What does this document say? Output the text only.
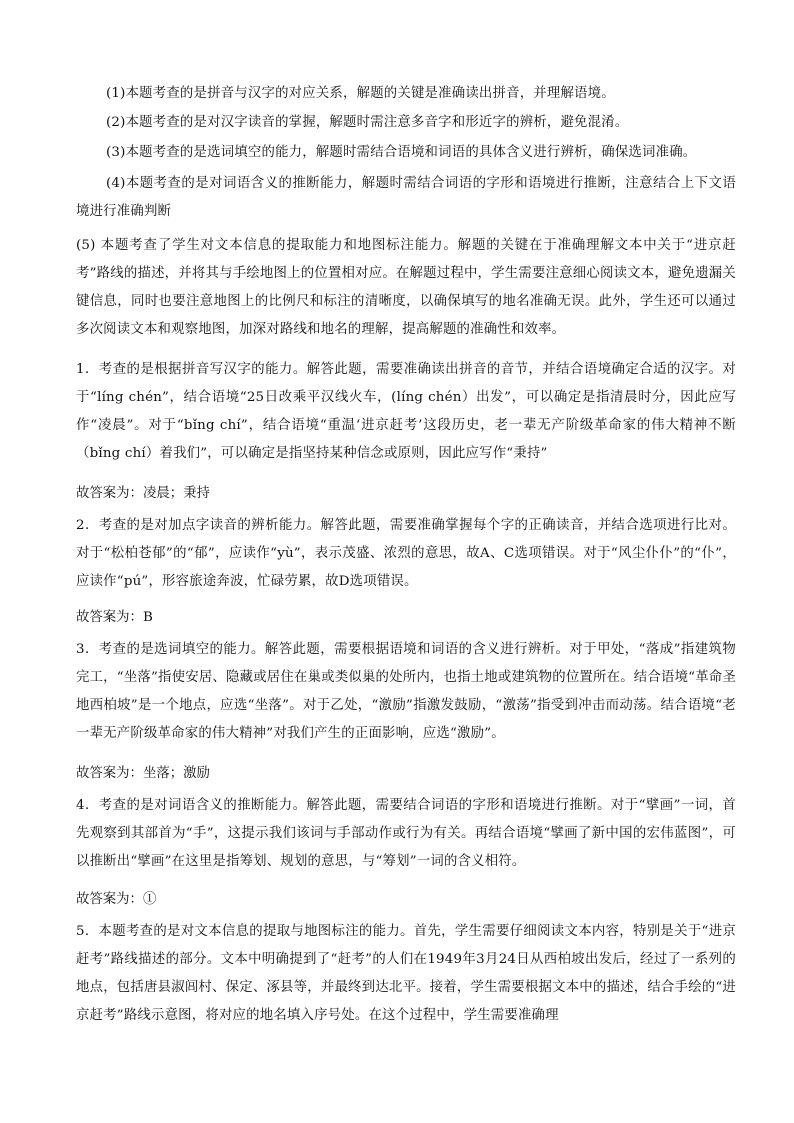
(1)本题考查的是拼音与汉字的对应关系，解题的关键是准确读出拼音，并理解语境。

(2)本题考查的是对汉字读音的掌握，解题时需注意多音字和形近字的辨析，避免混淆。

(3)本题考查的是选词填空的能力，解题时需结合语境和词语的具体含义进行辨析，确保选词准确。

(4)本题考查的是对词语含义的推断能力，解题时需结合词语的字形和语境进行推断，注意结合上下文语境进行准确判断

(5) 本题考查了学生对文本信息的提取能力和地图标注能力。解题的关键在于准确理解文本中关于“进京赶考”路线的描述，并将其与手绘地图上的位置相对应。在解题过程中，学生需要注意细心阅读文本，避免遗漏关键信息，同时也要注意地图上的比例尺和标注的清晰度，以确保填写的地名准确无误。此外，学生还可以通过多次阅读文本和观察地图，加深对路线和地名的理解，提高解题的准确性和效率。

1．考查的是根据拼音写汉字的能力。解答此题，需要准确读出拼音的音节，并结合语境确定合适的汉字。对于“líng chén”，结合语境“25日改乘平汉线火车，(líng chén）出发”，可以确定是指清晨时分，因此应写作“凌晨”。对于“bǐng chí”，结合语境“重温‘进京赶考’这段历史，老一辈无产阶级革命家的伟大精神不断（bǐng chí）着我们”，可以确定是指坚持某种信念或原则，因此应写作“秉持”

故答案为：凌晨；秉持

2．考查的是对加点字读音的辨析能力。解答此题，需要准确掌握每个字的正确读音，并结合选项进行比对。对于“松柏苍郁”的“郁”，应读作“yù”，表示茂盛、浓烈的意思，故A、C选项错误。对于“风尘仆仆”的“仆”，应读作“pú”，形容旅途奔波，忙碌劳累，故D选项错误。

故答案为：B

3．考查的是选词填空的能力。解答此题，需要根据语境和词语的含义进行辨析。对于甲处，“落成”指建筑物完工，“坐落”指使安居、隐藏或居住在巢或类似巢的处所内，也指土地或建筑物的位置所在。结合语境“革命圣地西柏坡”是一个地点，应选“坐落”。对于乙处，“激励”指激发鼓励，“激荡”指受到冲击而动荡。结合语境“老一辈无产阶级革命家的伟大精神”对我们产生的正面影响，应选“激励”。

故答案为：坐落；激励

4．考查的是对词语含义的推断能力。解答此题，需要结合词语的字形和语境进行推断。对于“擘画”一词，首先观察到其部首为“手”，这提示我们该词与手部动作或行为有关。再结合语境“擘画了新中国的宏伟蓝图”，可以推断出“擘画”在这里是指筹划、规划的意思，与“筹划”一词的含义相符。

故答案为：①

5．本题考查的是对文本信息的提取与地图标注的能力。首先，学生需要仔细阅读文本内容，特别是关于“进京赶考”路线描述的部分。文本中明确提到了“赶考”的人们在1949年3月24日从西柏坡出发后，经过了一系列的地点，包括唐县淑闾村、保定、涿县等，并最终到达北平。接着，学生需要根据文本中的描述，结合手绘的“进京赶考”路线示意图，将对应的地名填入序号处。在这个过程中，学生需要准确理
